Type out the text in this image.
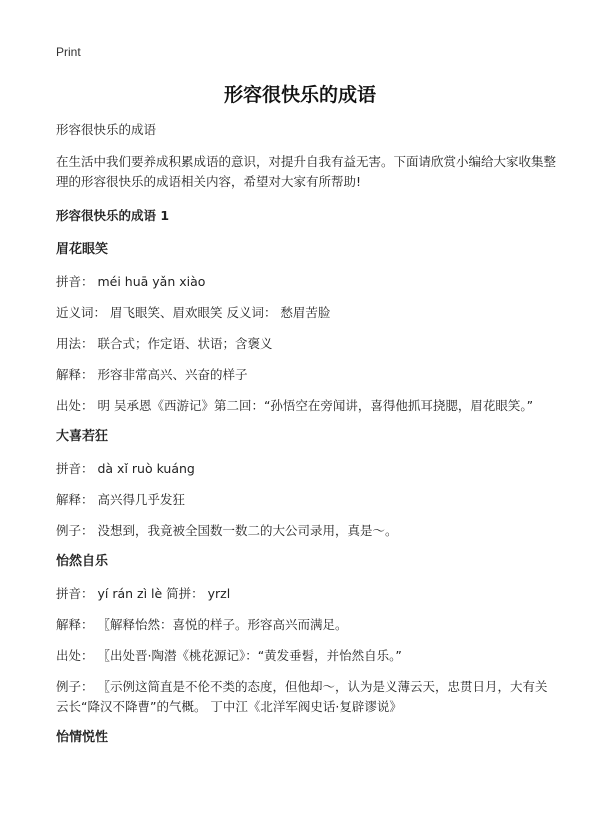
Print
形容很快乐的成语

形容很快乐的成语

在生活中我们要养成积累成语的意识，对提升自我有益无害。下面请欣赏小编给大家收集整理的形容很快乐的成语相关内容，希望对大家有所帮助!

形容很快乐的成语 1

眉花眼笑

拼音： méi huā yǎn xiào

近义词： 眉飞眼笑、眉欢眼笑 反义词： 愁眉苦脸

用法： 联合式；作定语、状语；含褒义

解释： 形容非常高兴、兴奋的样子

出处： 明 吴承恩《西游记》第二回：“孙悟空在旁闻讲，喜得他抓耳挠腮，眉花眼笑。”

大喜若狂

拼音： dà xǐ ruò kuáng

解释： 高兴得几乎发狂

例子： 没想到，我竟被全国数一数二的大公司录用，真是～。

怡然自乐

拼音： yí rán zì lè 简拼： yrzl

解释： 〖解释怡然：喜悦的样子。形容高兴而满足。

出处： 〖出处晋·陶潜《桃花源记》：“黄发垂髫，并怡然自乐。”

例子： 〖示例这简直是不伦不类的态度，但他却～，认为是义薄云天，忠贯日月，大有关云长“降汉不降曹”的气概。 丁中江《北洋军阀史话·复辟谬说》

怡情悦性
